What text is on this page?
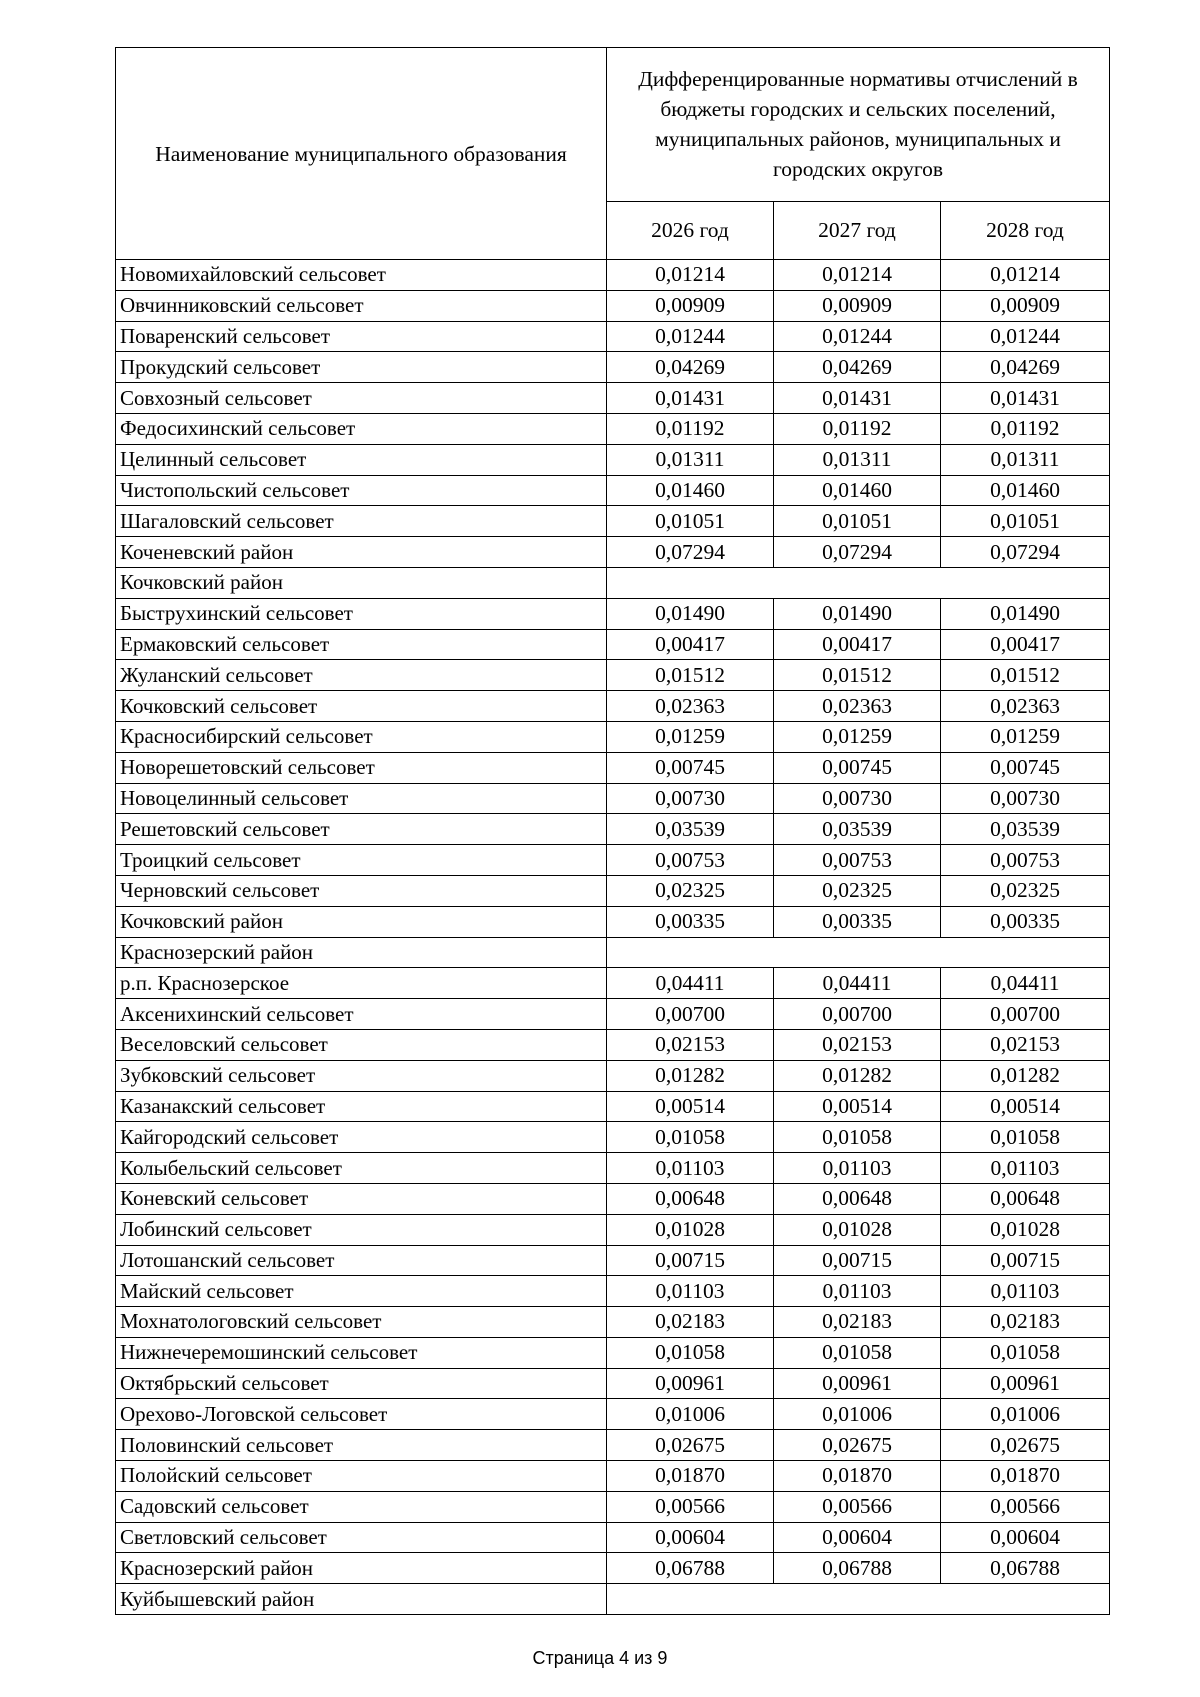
Наименование муниципального образования	Дифференцированные нормативы отчислений в бюджеты городских и сельских поселений, муниципальных районов, муниципальных и городских округов		
	2026 год	2027 год	2028 год
Новомихайловский сельсовет	0,01214	0,01214	0,01214
Овчинниковский сельсовет	0,00909	0,00909	0,00909
Поваренский сельсовет	0,01244	0,01244	0,01244
Прокудский сельсовет	0,04269	0,04269	0,04269
Совхозный сельсовет	0,01431	0,01431	0,01431
Федосихинский сельсовет	0,01192	0,01192	0,01192
Целинный сельсовет	0,01311	0,01311	0,01311
Чистопольский сельсовет	0,01460	0,01460	0,01460
Шагаловский сельсовет	0,01051	0,01051	0,01051
Коченевский район	0,07294	0,07294	0,07294
Кочковский район			
Быструхинский сельсовет	0,01490	0,01490	0,01490
Ермаковский сельсовет	0,00417	0,00417	0,00417
Жуланский сельсовет	0,01512	0,01512	0,01512
Кочковский сельсовет	0,02363	0,02363	0,02363
Красносибирский сельсовет	0,01259	0,01259	0,01259
Новорешетовский сельсовет	0,00745	0,00745	0,00745
Новоцелинный сельсовет	0,00730	0,00730	0,00730
Решетовский сельсовет	0,03539	0,03539	0,03539
Троицкий сельсовет	0,00753	0,00753	0,00753
Черновский сельсовет	0,02325	0,02325	0,02325
Кочковский район	0,00335	0,00335	0,00335
Краснозерский район			
р.п. Краснозерское	0,04411	0,04411	0,04411
Аксенихинский сельсовет	0,00700	0,00700	0,00700
Веселовский сельсовет	0,02153	0,02153	0,02153
Зубковский сельсовет	0,01282	0,01282	0,01282
Казанакский сельсовет	0,00514	0,00514	0,00514
Кайгородский сельсовет	0,01058	0,01058	0,01058
Колыбельский сельсовет	0,01103	0,01103	0,01103
Коневский сельсовет	0,00648	0,00648	0,00648
Лобинский сельсовет	0,01028	0,01028	0,01028
Лотошанский сельсовет	0,00715	0,00715	0,00715
Майский сельсовет	0,01103	0,01103	0,01103
Мохнатологовский сельсовет	0,02183	0,02183	0,02183
Нижнечеремошинский сельсовет	0,01058	0,01058	0,01058
Октябрьский сельсовет	0,00961	0,00961	0,00961
Орехово-Логовской сельсовет	0,01006	0,01006	0,01006
Половинский сельсовет	0,02675	0,02675	0,02675
Полойский сельсовет	0,01870	0,01870	0,01870
Садовский сельсовет	0,00566	0,00566	0,00566
Светловский сельсовет	0,00604	0,00604	0,00604
Краснозерский район	0,06788	0,06788	0,06788
Куйбышевский район			
Страница 4 из 9
